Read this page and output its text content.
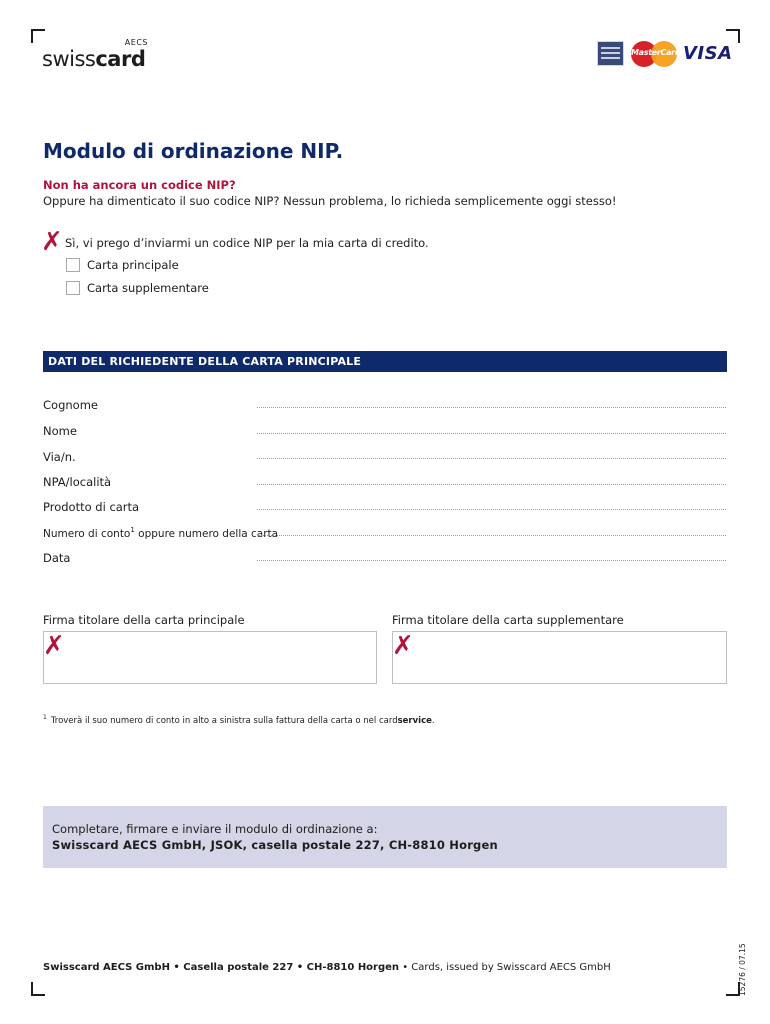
AECS
swisscard	MasterCard VISA
Modulo di ordinazione NIP.
Non ha ancora un codice NIP?
Oppure ha dimenticato il suo codice NIP? Nessun problema, lo richieda semplicemente oggi stesso!
✗ Sì, vi prego d’inviarmi un codice NIP per la mia carta di credito.
Carta principale
Carta supplementare
DATI DEL RICHIEDENTE DELLA CARTA PRINCIPALE
Cognome
Nome
Via/n.
NPA/località
Prodotto di carta
Numero di conto$^1$ oppure numero della carta
Data
Firma titolare della carta principale
✗
Firma titolare della carta supplementare
✗
$^1$ Troverà il suo numero di conto in alto a sinistra sulla fattura della carta o nel cardservice.
Completare, firmare e inviare il modulo di ordinazione a:
Swisscard AECS GmbH, JSOK, casella postale 227, CH-8810 Horgen
Swisscard AECS GmbH • Casella postale 227 • CH-8810 Horgen • Cards, issued by Swisscard AECS GmbH	15276 / 07.15
